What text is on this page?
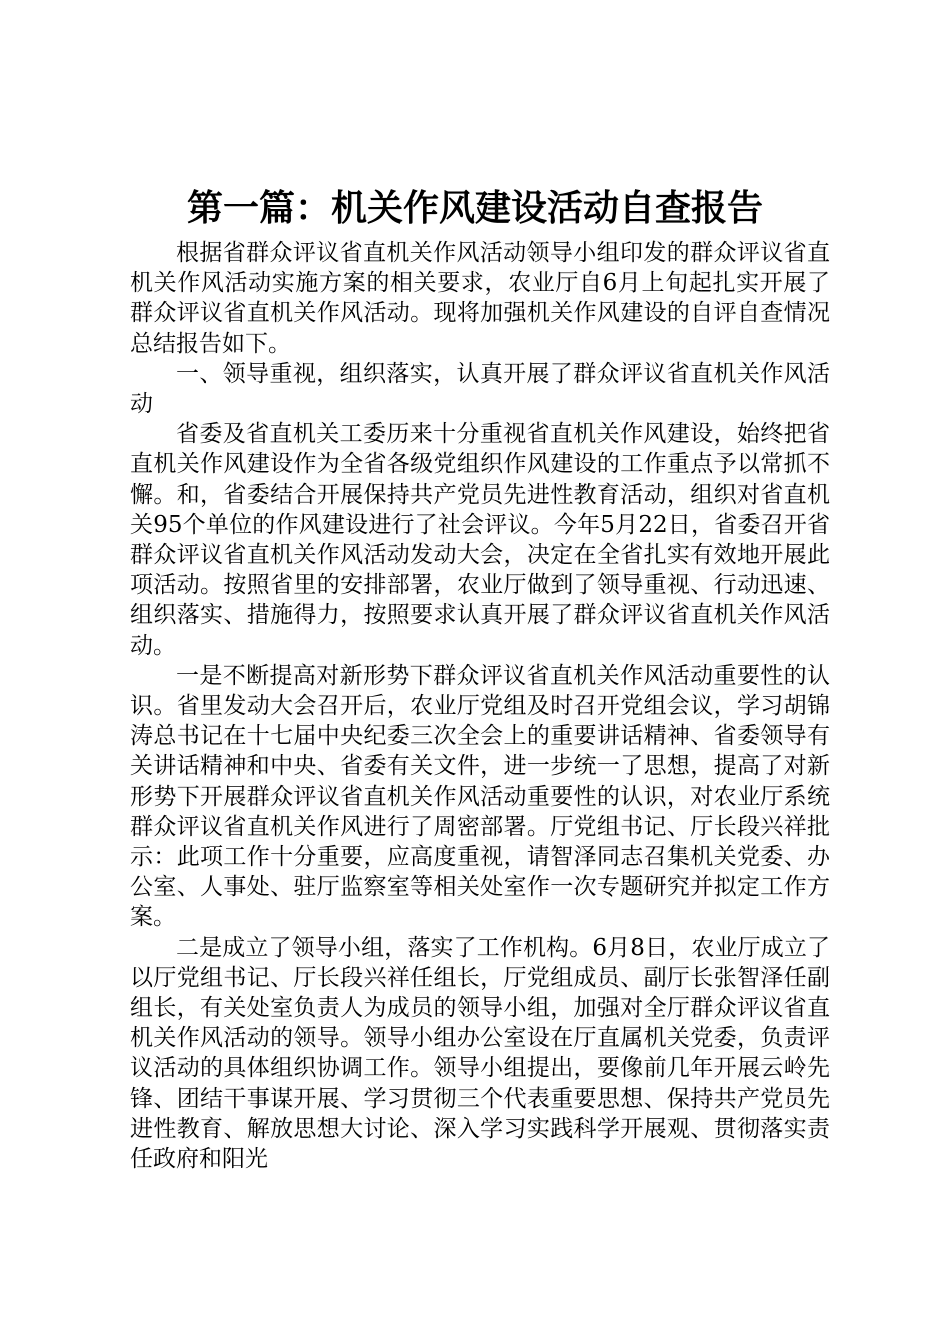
第一篇：机关作风建设活动自查报告

根据省群众评议省直机关作风活动领导小组印发的群众评议省直机关作风活动实施方案的相关要求，农业厅自6月上旬起扎实开展了群众评议省直机关作风活动。现将加强机关作风建设的自评自查情况总结报告如下。

一、领导重视，组织落实，认真开展了群众评议省直机关作风活动

省委及省直机关工委历来十分重视省直机关作风建设，始终把省直机关作风建设作为全省各级党组织作风建设的工作重点予以常抓不懈。和，省委结合开展保持共产党员先进性教育活动，组织对省直机关95个单位的作风建设进行了社会评议。今年5月22日，省委召开省群众评议省直机关作风活动发动大会，决定在全省扎实有效地开展此项活动。按照省里的安排部署，农业厅做到了领导重视、行动迅速、组织落实、措施得力，按照要求认真开展了群众评议省直机关作风活动。

一是不断提高对新形势下群众评议省直机关作风活动重要性的认识。省里发动大会召开后，农业厅党组及时召开党组会议，学习胡锦涛总书记在十七届中央纪委三次全会上的重要讲话精神、省委领导有关讲话精神和中央、省委有关文件，进一步统一了思想，提高了对新形势下开展群众评议省直机关作风活动重要性的认识，对农业厅系统群众评议省直机关作风进行了周密部署。厅党组书记、厅长段兴祥批示：此项工作十分重要，应高度重视，请智泽同志召集机关党委、办公室、人事处、驻厅监察室等相关处室作一次专题研究并拟定工作方案。

二是成立了领导小组，落实了工作机构。6月8日，农业厅成立了以厅党组书记、厅长段兴祥任组长，厅党组成员、副厅长张智泽任副组长，有关处室负责人为成员的领导小组，加强对全厅群众评议省直机关作风活动的领导。领导小组办公室设在厅直属机关党委，负责评议活动的具体组织协调工作。领导小组提出，要像前几年开展云岭先锋、团结干事谋开展、学习贯彻三个代表重要思想、保持共产党员先进性教育、解放思想大讨论、深入学习实践科学开展观、贯彻落实责任政府和阳光
